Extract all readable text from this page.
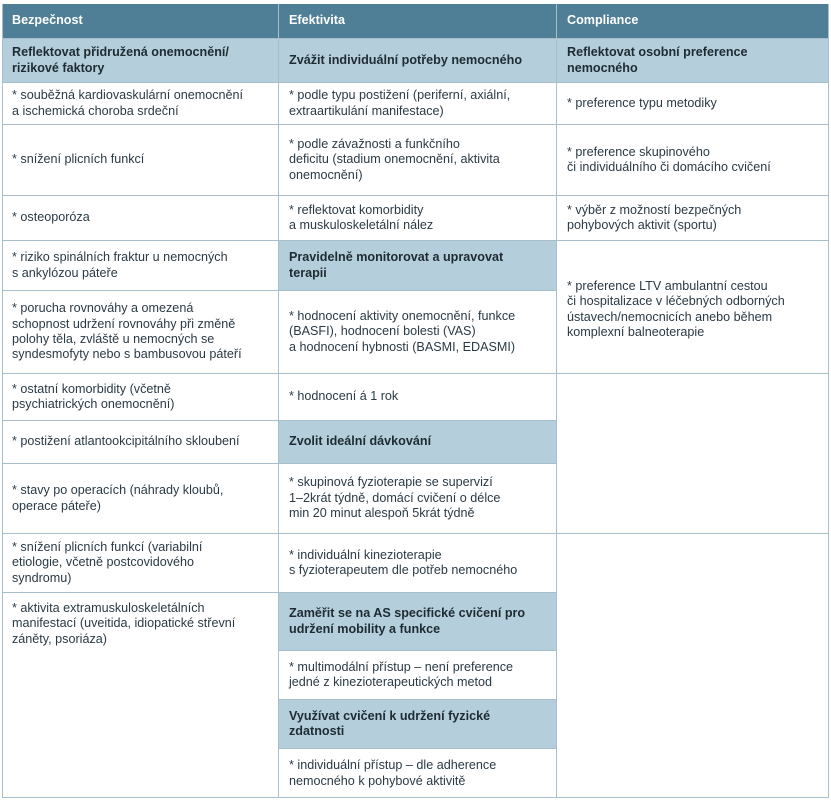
Bezpečnost	Efektivita	Compliance
Reflektovat přidružená onemocnění/
rizikové faktory
* souběžná kardiovaskulární onemocnění
a ischemická choroba srdeční
* snížení plicních funkcí
* osteoporóza
* riziko spinálních fraktur u nemocných
s ankylózou páteře
* porucha rovnováhy a omezená
schopnost udržení rovnováhy při změně
polohy těla, zvláště u nemocných se
syndesmofyty nebo s bambusovou páteří
* ostatní komorbidity (včetně
psychiatrických onemocnění)
* postižení atlantookcipitálního skloubení
* stavy po operacích (náhrady kloubů,
operace páteře)
* snížení plicních funkcí (variabilní
etiologie, včetně postcovidového
syndromu)
* aktivita extramuskuloskeletálních
manifestací (uveitida, idiopatické střevní
záněty, psoriáza)
Zvážit individuální potřeby nemocného
* podle typu postižení (periferní, axiální,
extraartikulání manifestace)
* podle závažnosti a funkčního
deficitu (stadium onemocnění, aktivita
onemocnění)
* reflektovat komorbidity
a muskuloskeletální nález
Pravidelně monitorovat a upravovat
terapii
* hodnocení aktivity onemocnění, funkce
(BASFI), hodnocení bolesti (VAS)
a hodnocení hybnosti (BASMI, EDASMI)
* hodnocení á 1 rok
Zvolit ideální dávkování
* skupinová fyzioterapie se supervizí
1–2krát týdně, domácí cvičení o délce
min 20 minut alespoň 5krát týdně
* individuální kinezioterapie
s fyzioterapeutem dle potřeb nemocného
Zaměřit se na AS specifické cvičení pro
udržení mobility a funkce
* multimodální přístup – není preference
jedné z kinezioterapeutických metod
Využívat cvičení k udržení fyzické
zdatnosti
* individuální přístup – dle adherence
nemocného k pohybové aktivitě
Reflektovat osobní preference
nemocného
* preference typu metodiky
* preference skupinového
či individuálního či domácího cvičení
* výběr z možností bezpečných
pohybových aktivit (sportu)
* preference LTV ambulantní cestou
či hospitalizace v léčebných odborných
ústavech/nemocnicích anebo během
komplexní balneoterapie
